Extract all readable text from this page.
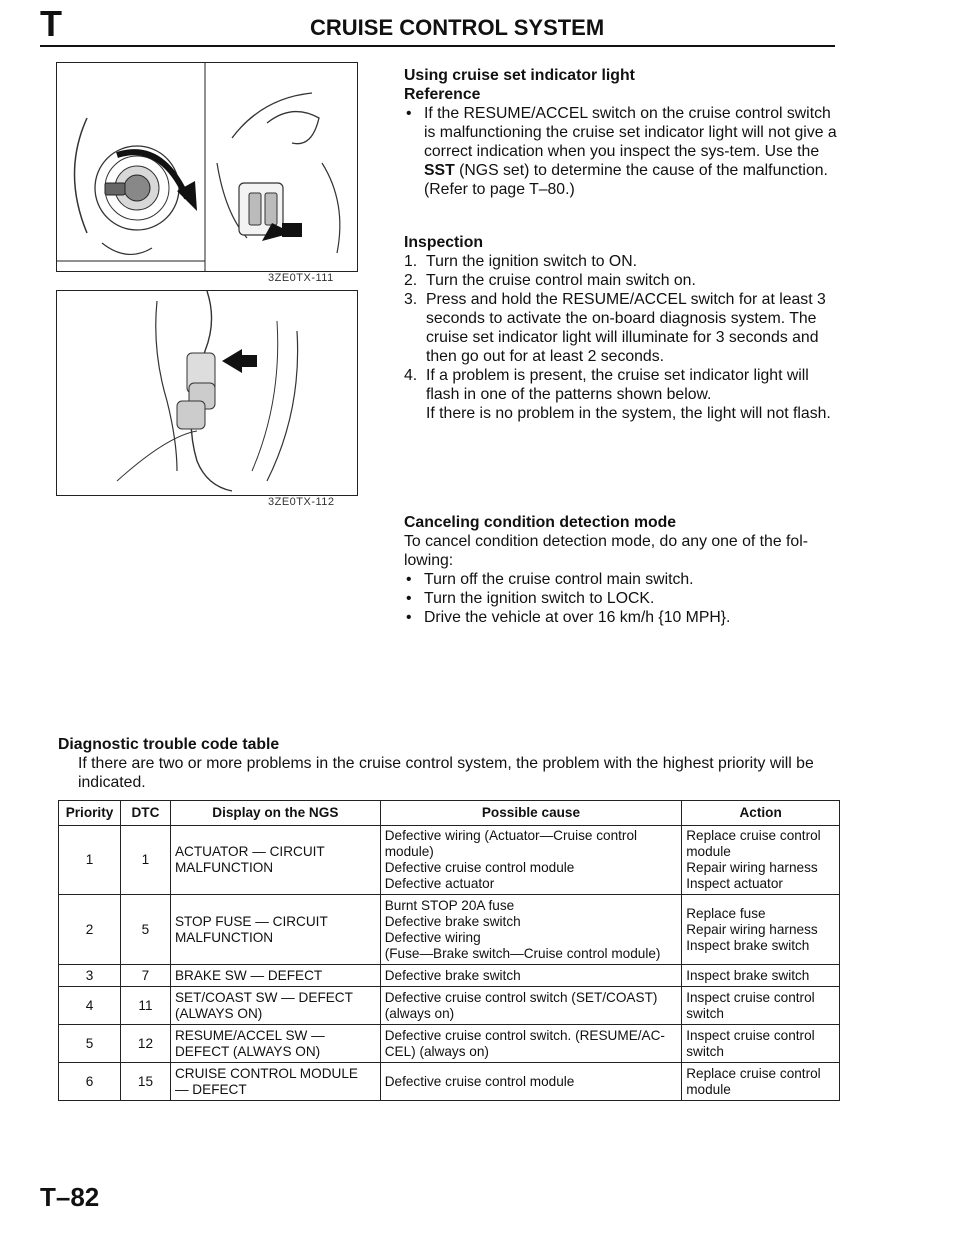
T	CRUISE CONTROL SYSTEM
3ZE0TX-111
3ZE0TX-112

Using cruise set indicator light

Reference

• If the RESUME/ACCEL switch on the cruise control switch is malfunctioning the cruise set indicator light will not give a correct indication when you inspect the sys-tem. Use the SST (NGS set) to determine the cause of the malfunction.

(Refer to page T–80.)

Inspection

1. Turn the ignition switch to ON.

2. Turn the cruise control main switch on.

3. Press and hold the RESUME/ACCEL switch for at least 3 seconds to activate the on-board diagnosis system. The cruise set indicator light will illuminate for 3 seconds and then go out for at least 2 seconds.

4. If a problem is present, the cruise set indicator light will flash in one of the patterns shown below.

If there is no problem in the system, the light will not flash.

Canceling condition detection mode

To cancel condition detection mode, do any one of the fol-lowing:

• Turn off the cruise control main switch.

• Turn the ignition switch to LOCK.

• Drive the vehicle at over 16 km/h {10 MPH}.

Diagnostic trouble code table
If there are two or more problems in the cruise control system, the problem with the highest priority will be indicated.
Priority	DTC	Display on the NGS	Possible cause	Action
1	1	ACTUATOR — CIRCUIT
MALFUNCTION	Defective wiring (Actuator—Cruise control
module)
Defective cruise control module
Defective actuator	Replace cruise control
module
Repair wiring harness
Inspect actuator

2	5	STOP FUSE — CIRCUIT
MALFUNCTION	Burnt STOP 20A fuse
Defective brake switch
Defective wiring
(Fuse—Brake switch—Cruise control module)	Replace fuse
Repair wiring harness
Inspect brake switch

3	7	BRAKE SW — DEFECT	Defective brake switch	Inspect brake switch

4	11	SET/COAST SW — DEFECT
(ALWAYS ON)	Defective cruise control switch (SET/COAST)
(always on)	Inspect cruise control
switch

5	12	RESUME/ACCEL SW —
DEFECT (ALWAYS ON)	Defective cruise control switch. (RESUME/AC-
CEL) (always on)	Inspect cruise control
switch

6	15	CRUISE CONTROL MODULE
— DEFECT	Defective cruise control module	Replace cruise control
module
T–82
